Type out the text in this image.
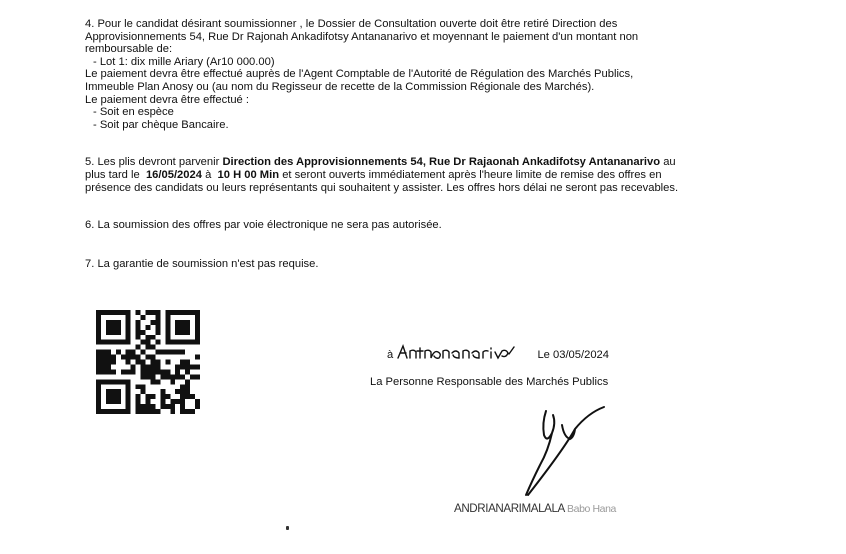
4. Pour le candidat désirant soumissionner , le Dossier de Consultation ouverte doit être retiré Direction des

Approvisionnements 54, Rue Dr Rajonah Ankadifotsy Antananarivo et moyennant le paiement d'un montant non

remboursable de:

- Lot 1: dix mille Ariary (Ar10 000.00)

Le paiement devra être effectué auprès de l'Agent Comptable de l'Autorité de Régulation des Marchés Publics,

Immeuble Plan Anosy ou (au nom du Regisseur de recette de la Commission Régionale des Marchés).

Le paiement devra être effectué :

- Soit en espèce

- Soit par chèque Bancaire.

5. Les plis devront parvenir Direction des Approvisionnements 54, Rue Dr Rajaonah Ankadifotsy Antananarivo au

plus tard le 16/05/2024 à 10 H 00 Min et seront ouverts immédiatement après l'heure limite de remise des offres en

présence des candidats ou leurs représentants qui souhaitent y assister. Les offres hors délai ne seront pas recevables.

6. La soumission des offres par voie électronique ne sera pas autorisée.

7. La garantie de soumission n'est pas requise.

à	Le 03/05/2024
La Personne Responsable des Marchés Publics
ANDRIANARIMALALA Babo Hana
